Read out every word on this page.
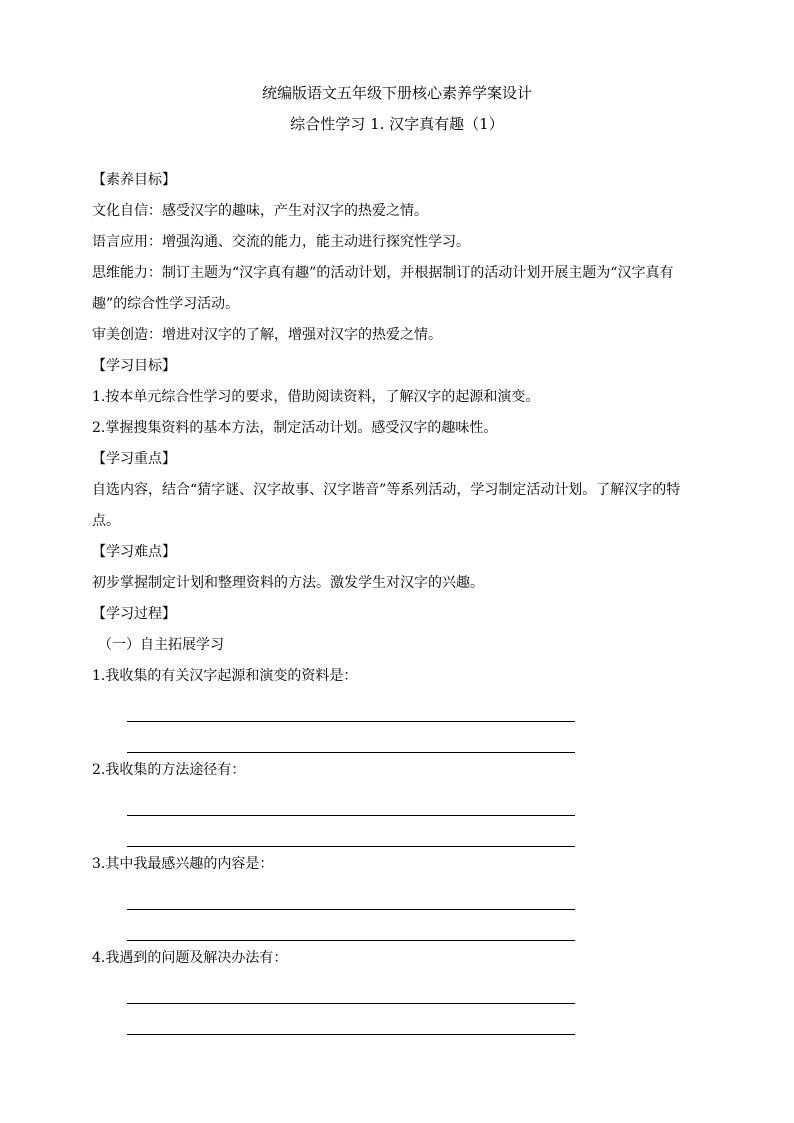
统编版语文五年级下册核心素养学案设计

综合性学习 1. 汉字真有趣（1）

【素养目标】

文化自信：感受汉字的趣味，产生对汉字的热爱之情。

语言应用：增强沟通、交流的能力，能主动进行探究性学习。

思维能力：制订主题为“汉字真有趣”的活动计划，并根据制订的活动计划开展主题为“汉字真有趣”的综合性学习活动。

审美创造：增进对汉字的了解，增强对汉字的热爱之情。

【学习目标】

1.按本单元综合性学习的要求，借助阅读资料，了解汉字的起源和演变。

2.掌握搜集资料的基本方法，制定活动计划。感受汉字的趣味性。

【学习重点】

自选内容，结合“猜字谜、汉字故事、汉字谐音”等系列活动，学习制定活动计划。了解汉字的特点。

【学习难点】

初步掌握制定计划和整理资料的方法。激发学生对汉字的兴趣。

【学习过程】

（一）自主拓展学习

1.我收集的有关汉字起源和演变的资料是：

2.我收集的方法途径有：

3.其中我最感兴趣的内容是：

4.我遇到的问题及解决办法有：
